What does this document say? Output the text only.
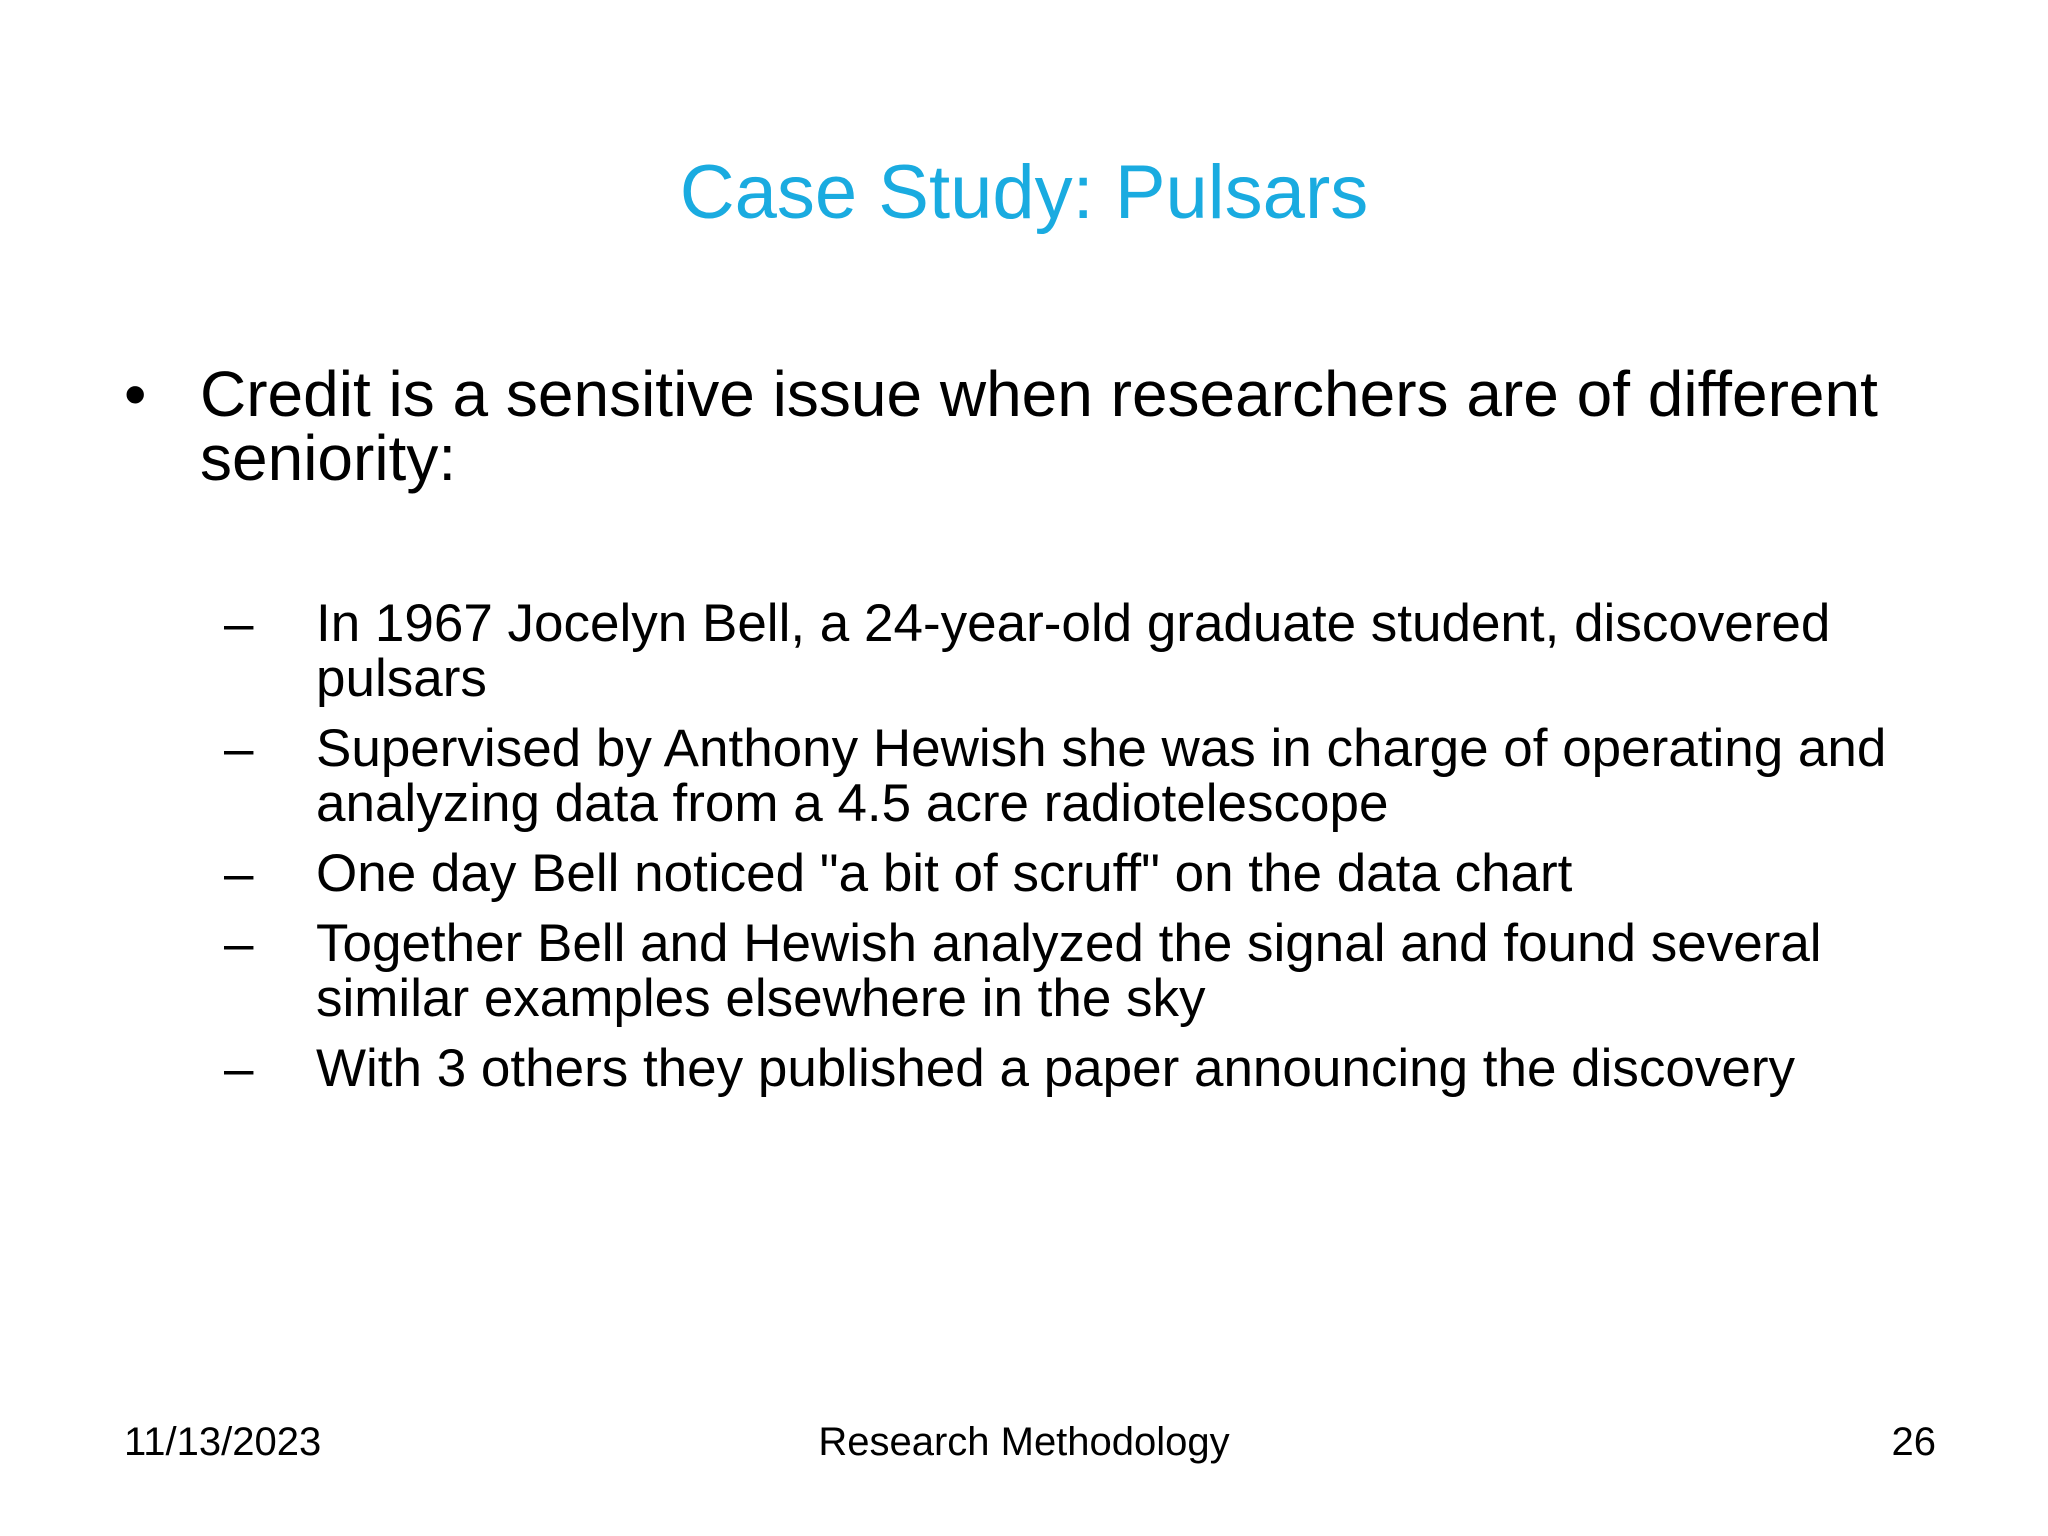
Case Study: Pulsars
• Credit is a sensitive issue when researchers are of different seniority:
–	In 1967 Jocelyn Bell, a 24-year-old graduate student, discovered pulsars
–	Supervised by Anthony Hewish she was in charge of operating and analyzing data from a 4.5 acre radiotelescope
–	One day Bell noticed "a bit of scruff" on the data chart
–	Together Bell and Hewish analyzed the signal and found several similar examples elsewhere in the sky
–	With 3 others they published a paper announcing the discovery
11/13/2023	Research Methodology	26
